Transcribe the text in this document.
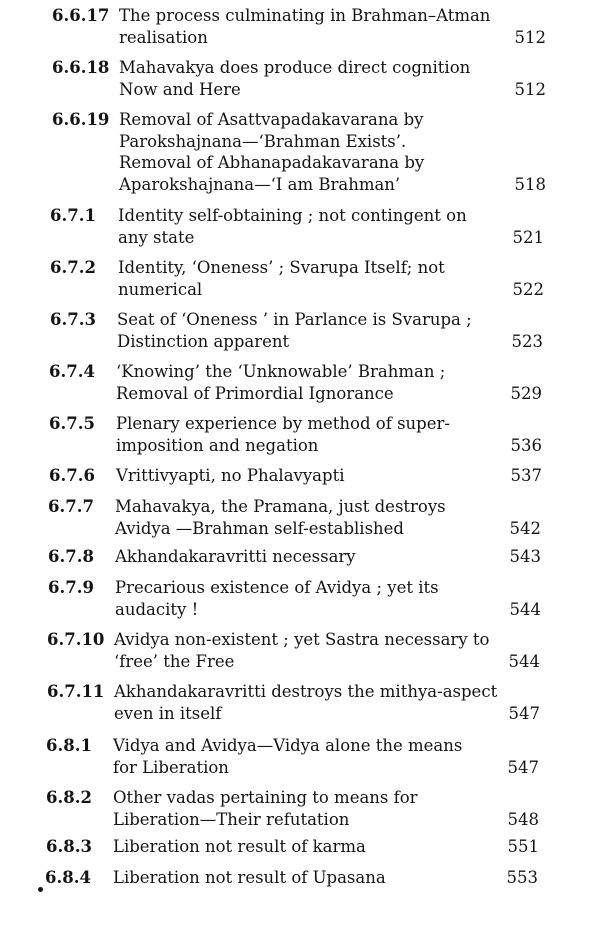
6.6.17 The process culminating in Brahman–Atman
realisation	512
6.6.18 Mahavakya does produce direct cognition
Now and Here	512
6.6.19 Removal of Asattvapadakavarana by
Parokshajnana—‘Brahman Exists’.
Removal of Abhanapadakavarana by
Aparokshajnana—‘I am Brahman’	518
6.7.1	Identity self-obtaining ; not contingent on
any state	521
6.7.2	Identity, ‘Oneness’ ; Svarupa Itself; not
numerical	522
6.7.3	Seat of ‘Oneness ’ in Parlance is Svarupa ;
Distinction apparent	523
6.7.4	‘Knowing’ the ‘Unknowable’ Brahman ;
Removal of Primordial Ignorance	529
6.7.5	Plenary experience by method of super-
imposition and negation	536
6.7.6	Vrittivyapti, no Phalavyapti	537
6.7.7	Mahavakya, the Pramana, just destroys
Avidya —Brahman self-established	542
6.7.8	Akhandakaravritti necessary	543
6.7.9	Precarious existence of Avidya ; yet its
audacity !	544
6.7.10 Avidya non-existent ; yet Sastra necessary to
‘free’ the Free	544
6.7.11 Akhandakaravritti destroys the mithya-aspect
even in itself	547
6.8.1	Vidya and Avidya—Vidya alone the means
for Liberation	547
6.8.2	Other vadas pertaining to means for
Liberation—Their refutation	548
6.8.3	Liberation not result of karma	551
6.8.4	Liberation not result of Upasana	553
